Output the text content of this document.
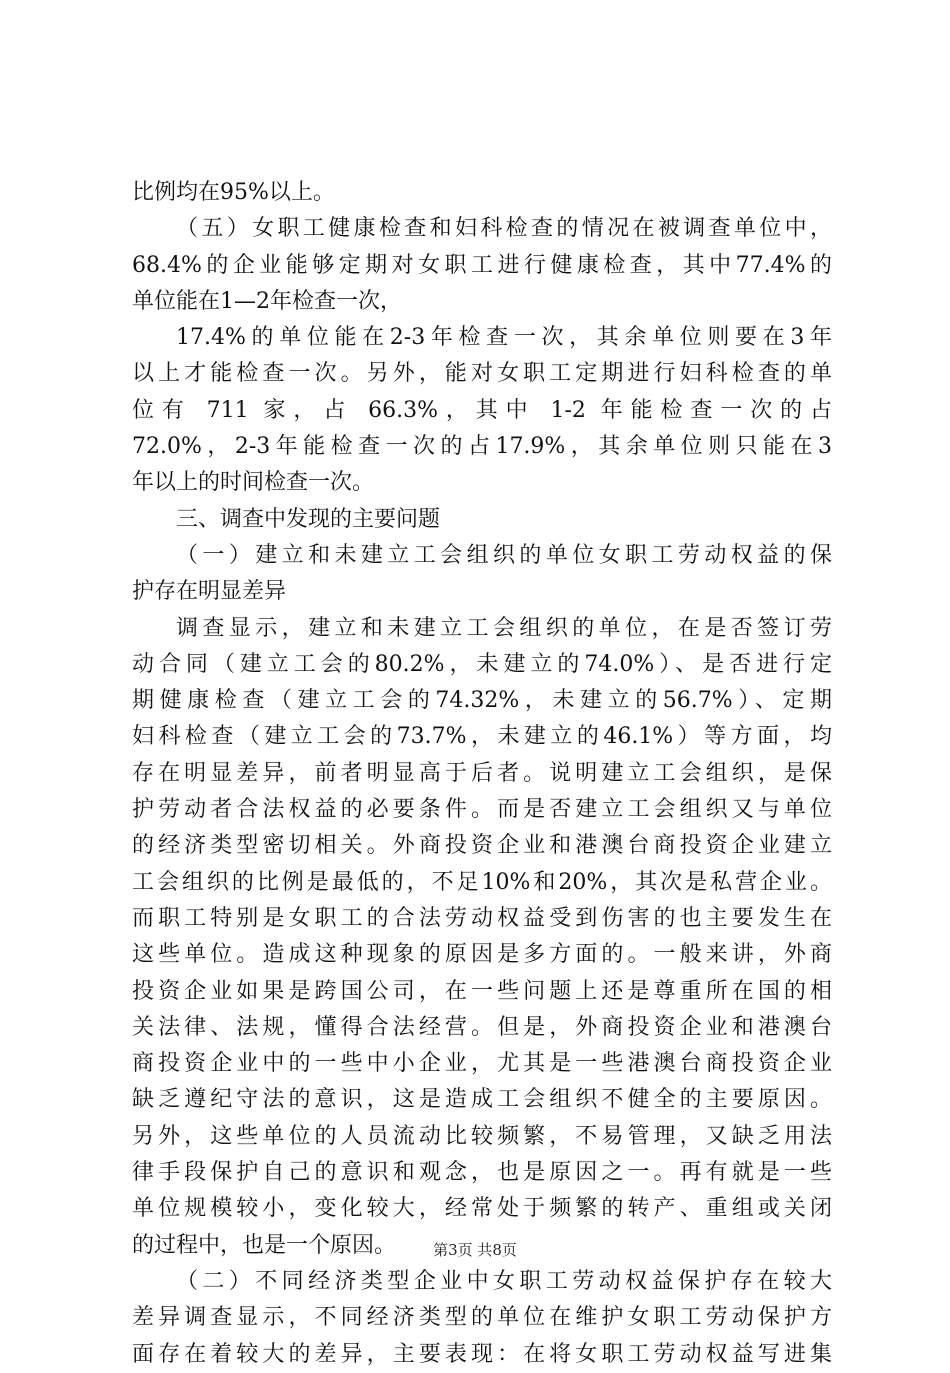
比例均在95%以上。
（五）女职工健康检查和妇科检查的情况在被调查单位中，
68.4%的企业能够定期对女职工进行健康检查，其中77.4%的
单位能在1—2年检查一次，
17.4%的单位能在2-3年检查一次，其余单位则要在3年
以上才能检查一次。另外，能对女职工定期进行妇科检查的单
位有 711 家，占 66.3%，其中 1-2 年能检查一次的占
72.0%，2-3年能检查一次的占17.9%，其余单位则只能在3
年以上的时间检查一次。
三、调查中发现的主要问题
（一）建立和未建立工会组织的单位女职工劳动权益的保
护存在明显差异
调查显示，建立和未建立工会组织的单位，在是否签订劳
动合同（建立工会的80.2%，未建立的74.0%）、是否进行定
期健康检查（建立工会的74.32%，未建立的56.7%）、定期
妇科检查（建立工会的73.7%，未建立的46.1%）等方面，均
存在明显差异，前者明显高于后者。说明建立工会组织，是保
护劳动者合法权益的必要条件。而是否建立工会组织又与单位
的经济类型密切相关。外商投资企业和港澳台商投资企业建立
工会组织的比例是最低的，不足10%和20%，其次是私营企业。
而职工特别是女职工的合法劳动权益受到伤害的也主要发生在
这些单位。造成这种现象的原因是多方面的。一般来讲，外商
投资企业如果是跨国公司，在一些问题上还是尊重所在国的相
关法律、法规，懂得合法经营。但是，外商投资企业和港澳台
商投资企业中的一些中小企业，尤其是一些港澳台商投资企业
缺乏遵纪守法的意识，这是造成工会组织不健全的主要原因。
另外，这些单位的人员流动比较频繁，不易管理，又缺乏用法
律手段保护自己的意识和观念，也是原因之一。再有就是一些
单位规模较小，变化较大，经常处于频繁的转产、重组或关闭
的过程中，也是一个原因。
（二）不同经济类型企业中女职工劳动权益保护存在较大
差异调查显示，不同经济类型的单位在维护女职工劳动保护方
面存在着较大的差异，主要表现：在将女职工劳动权益写进集
第3页 共8页
